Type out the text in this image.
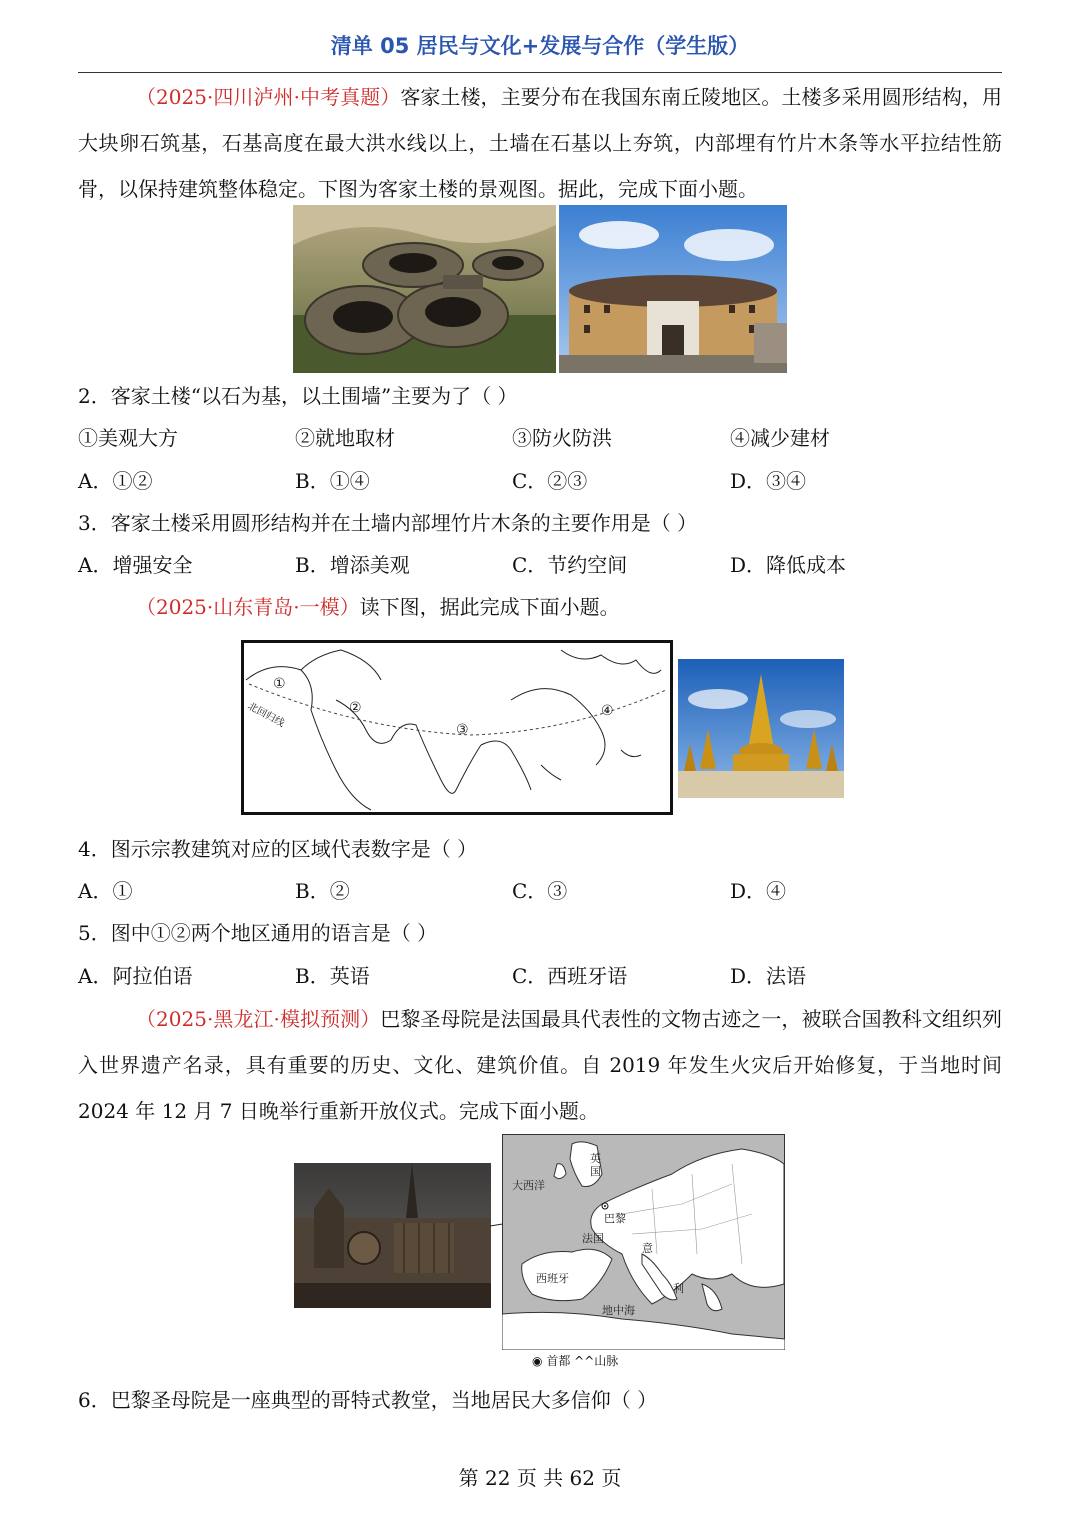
清单 05 居民与文化+发展与合作（学生版）
（2025·四川泸州·中考真题）客家土楼，主要分布在我国东南丘陵地区。土楼多采用圆形结构，用大块卵石筑基，石基高度在最大洪水线以上，土墙在石基以上夯筑，内部埋有竹片木条等水平拉结性筋骨，以保持建筑整体稳定。下图为客家土楼的景观图。据此，完成下面小题。
2．客家土楼“以石为基，以土围墙”主要为了（ ）
①美观大方	②就地取材	③防火防洪	④减少建材
A．①②	B．①④	C．②③	D．③④
3．客家土楼采用圆形结构并在土墙内部埋竹片木条的主要作用是（ ）
A．增强安全	B．增添美观	C．节约空间	D．降低成本
（2025·山东青岛·一模）读下图，据此完成下面小题。
北回归线
①
②
③
④
4．图示宗教建筑对应的区域代表数字是（ ）
A．①	B．②	C．③	D．④
5．图中①②两个地区通用的语言是（ ）
A．阿拉伯语	B．英语	C．西班牙语	D．法语
（2025·黑龙江·模拟预测）巴黎圣母院是法国最具代表性的文物古迹之一，被联合国教科文组织列入世界遗产名录，具有重要的历史、文化、建筑价值。自 2019 年发生火灾后开始修复，于当地时间 2024 年 12 月 7 日晚举行重新开放仪式。完成下面小题。
英国
大西洋
巴黎
法国
意
西班牙
利
地中海
◉ 首都 ^^山脉
6．巴黎圣母院是一座典型的哥特式教堂，当地居民大多信仰（ ）
第 22 页 共 62 页
